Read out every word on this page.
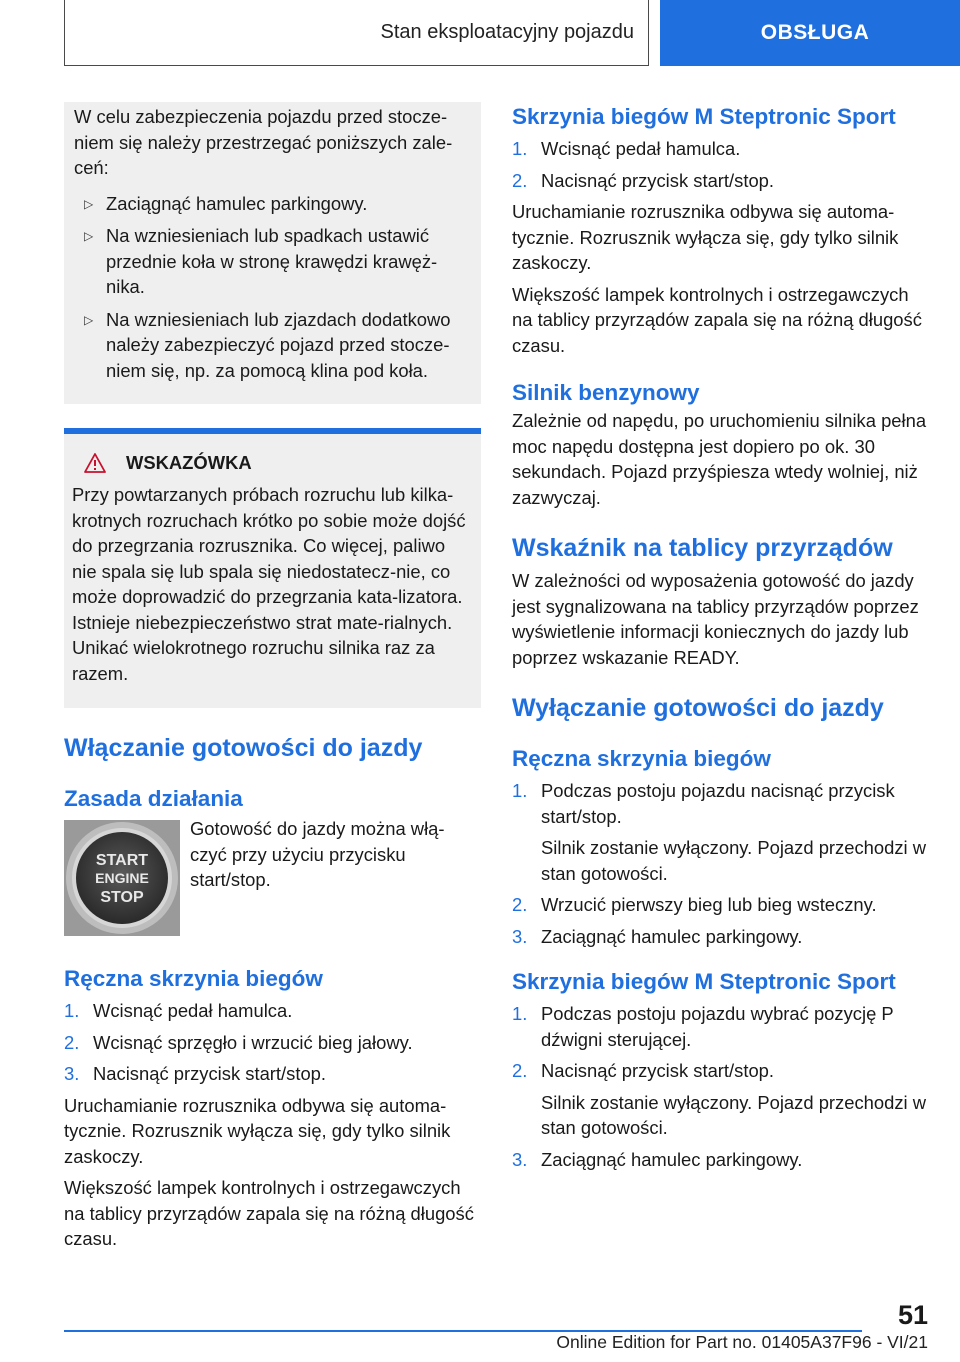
Stan eksploatacyjny pojazdu	OBSŁUGA

W celu zabezpieczenia pojazdu przed stocze-niem się należy przestrzegać poniższych zale-ceń:

▷ Zaciągnąć hamulec parkingowy.
▷ Na wzniesieniach lub spadkach ustawić przednie koła w stronę krawędzi krawęż-nika.
▷ Na wzniesieniach lub zjazdach dodatkowo należy zabezpieczyć pojazd przed stocze-niem się, np. za pomocą klina pod koła.
WSKAZÓWKA

Przy powtarzanych próbach rozruchu lub kilka-krotnych rozruchach krótko po sobie może dojść do przegrzania rozrusznika. Co więcej, paliwo nie spala się lub spala się niedostatecz-nie, co może doprowadzić do przegrzania kata-lizatora. Istnieje niebezpieczeństwo strat mate-rialnych. Unikać wielokrotnego rozruchu silnika raz za razem.

Włączanie gotowości do jazdy
Zasada działania
START
ENGINE
STOP

Gotowość do jazdy można włą-czyć przy użyciu przycisku start/stop.

Ręczna skrzynia biegów
1. Wcisnąć pedał hamulca.
2. Wcisnąć sprzęgło i wrzucić bieg jałowy.
3. Nacisnąć przycisk start/stop.

Uruchamianie rozrusznika odbywa się automa-tycznie. Rozrusznik wyłącza się, gdy tylko silnik zaskoczy.

Większość lampek kontrolnych i ostrzegawczych na tablicy przyrządów zapala się na różną długość czasu.

Skrzynia biegów M Steptronic Sport
1. Wcisnąć pedał hamulca.
2. Nacisnąć przycisk start/stop.

Uruchamianie rozrusznika odbywa się automa-tycznie. Rozrusznik wyłącza się, gdy tylko silnik zaskoczy.

Większość lampek kontrolnych i ostrzegawczych na tablicy przyrządów zapala się na różną długość czasu.

Silnik benzynowy

Zależnie od napędu, po uruchomieniu silnika pełna moc napędu dostępna jest dopiero po ok. 30 sekundach. Pojazd przyśpiesza wtedy wolniej, niż zazwyczaj.

Wskaźnik na tablicy przyrządów

W zależności od wyposażenia gotowość do jazdy jest sygnalizowana na tablicy przyrządów poprzez wyświetlenie informacji koniecznych do jazdy lub poprzez wskazanie READY.

Wyłączanie gotowości do jazdy
Ręczna skrzynia biegów
1. Podczas postoju pojazdu nacisnąć przycisk start/stop.
Silnik zostanie wyłączony. Pojazd przechodzi w stan gotowości.
2. Wrzucić pierwszy bieg lub bieg wsteczny.
3. Zaciągnąć hamulec parkingowy.
Skrzynia biegów M Steptronic Sport
1. Podczas postoju pojazdu wybrać pozycję P dźwigni sterującej.
2. Nacisnąć przycisk start/stop.
Silnik zostanie wyłączony. Pojazd przechodzi w stan gotowości.
3. Zaciągnąć hamulec parkingowy.
51
Online Edition for Part no. 01405A37F96 - VI/21
